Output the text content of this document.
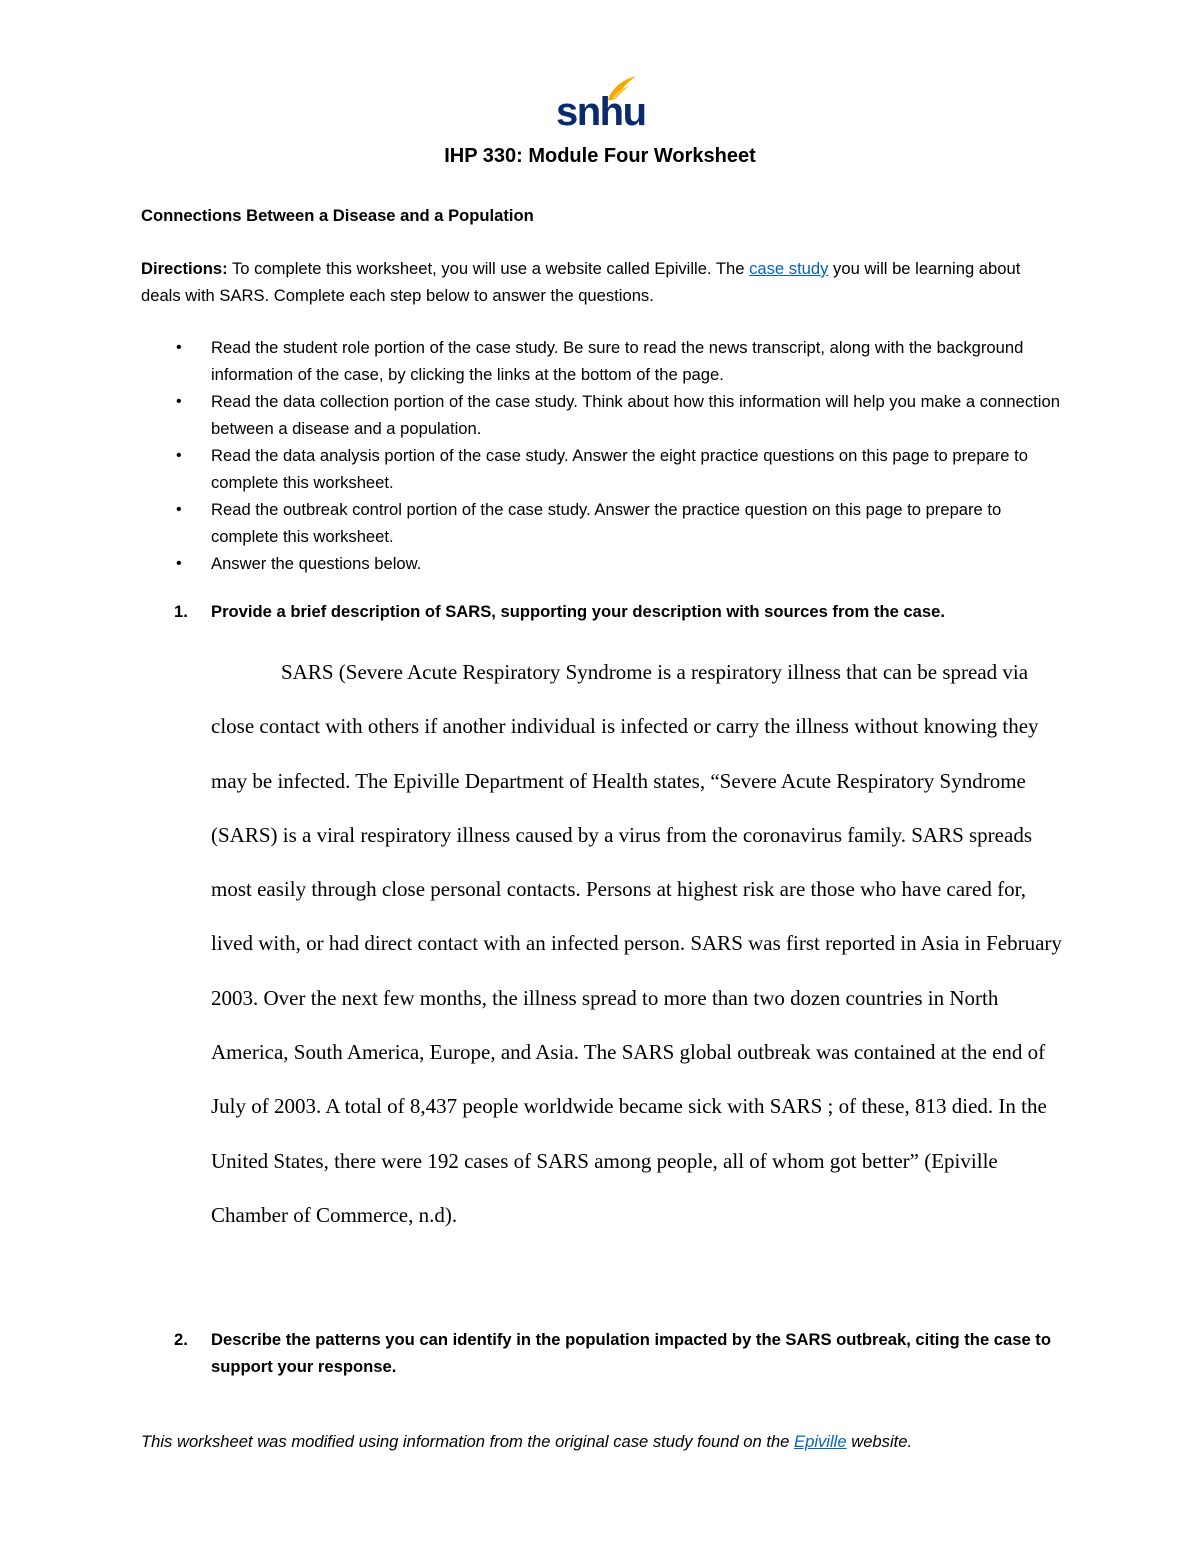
snhu
IHP 330: Module Four Worksheet
Connections Between a Disease and a Population
Directions: To complete this worksheet, you will use a website called Epiville. The case study you will be learning about deals with SARS. Complete each step below to answer the questions.
• Read the student role portion of the case study. Be sure to read the news transcript, along with the background information of the case, by clicking the links at the bottom of the page.
• Read the data collection portion of the case study. Think about how this information will help you make a connection between a disease and a population.
• Read the data analysis portion of the case study. Answer the eight practice questions on this page to prepare to complete this worksheet.
• Read the outbreak control portion of the case study. Answer the practice question on this page to prepare to complete this worksheet.
• Answer the questions below.
1.	Provide a brief description of SARS, supporting your description with sources from the case.

SARS (Severe Acute Respiratory Syndrome is a respiratory illness that can be spread via close contact with others if another individual is infected or carry the illness without knowing they may be infected. The Epiville Department of Health states, “Severe Acute Respiratory Syndrome (SARS) is a viral respiratory illness caused by a virus from the coronavirus family. SARS spreads most easily through close personal contacts. Persons at highest risk are those who have cared for, lived with, or had direct contact with an infected person. SARS was first reported in Asia in February 2003. Over the next few months, the illness spread to more than two dozen countries in North America, South America, Europe, and Asia. The SARS global outbreak was contained at the end of July of 2003. A total of 8,437 people worldwide became sick with SARS ; of these, 813 died. In the United States, there were 192 cases of SARS among people, all of whom got better” (Epiville Chamber of Commerce, n.d).

2.	Describe the patterns you can identify in the population impacted by the SARS outbreak, citing the case to support your response.
This worksheet was modified using information from the original case study found on the Epiville website.
